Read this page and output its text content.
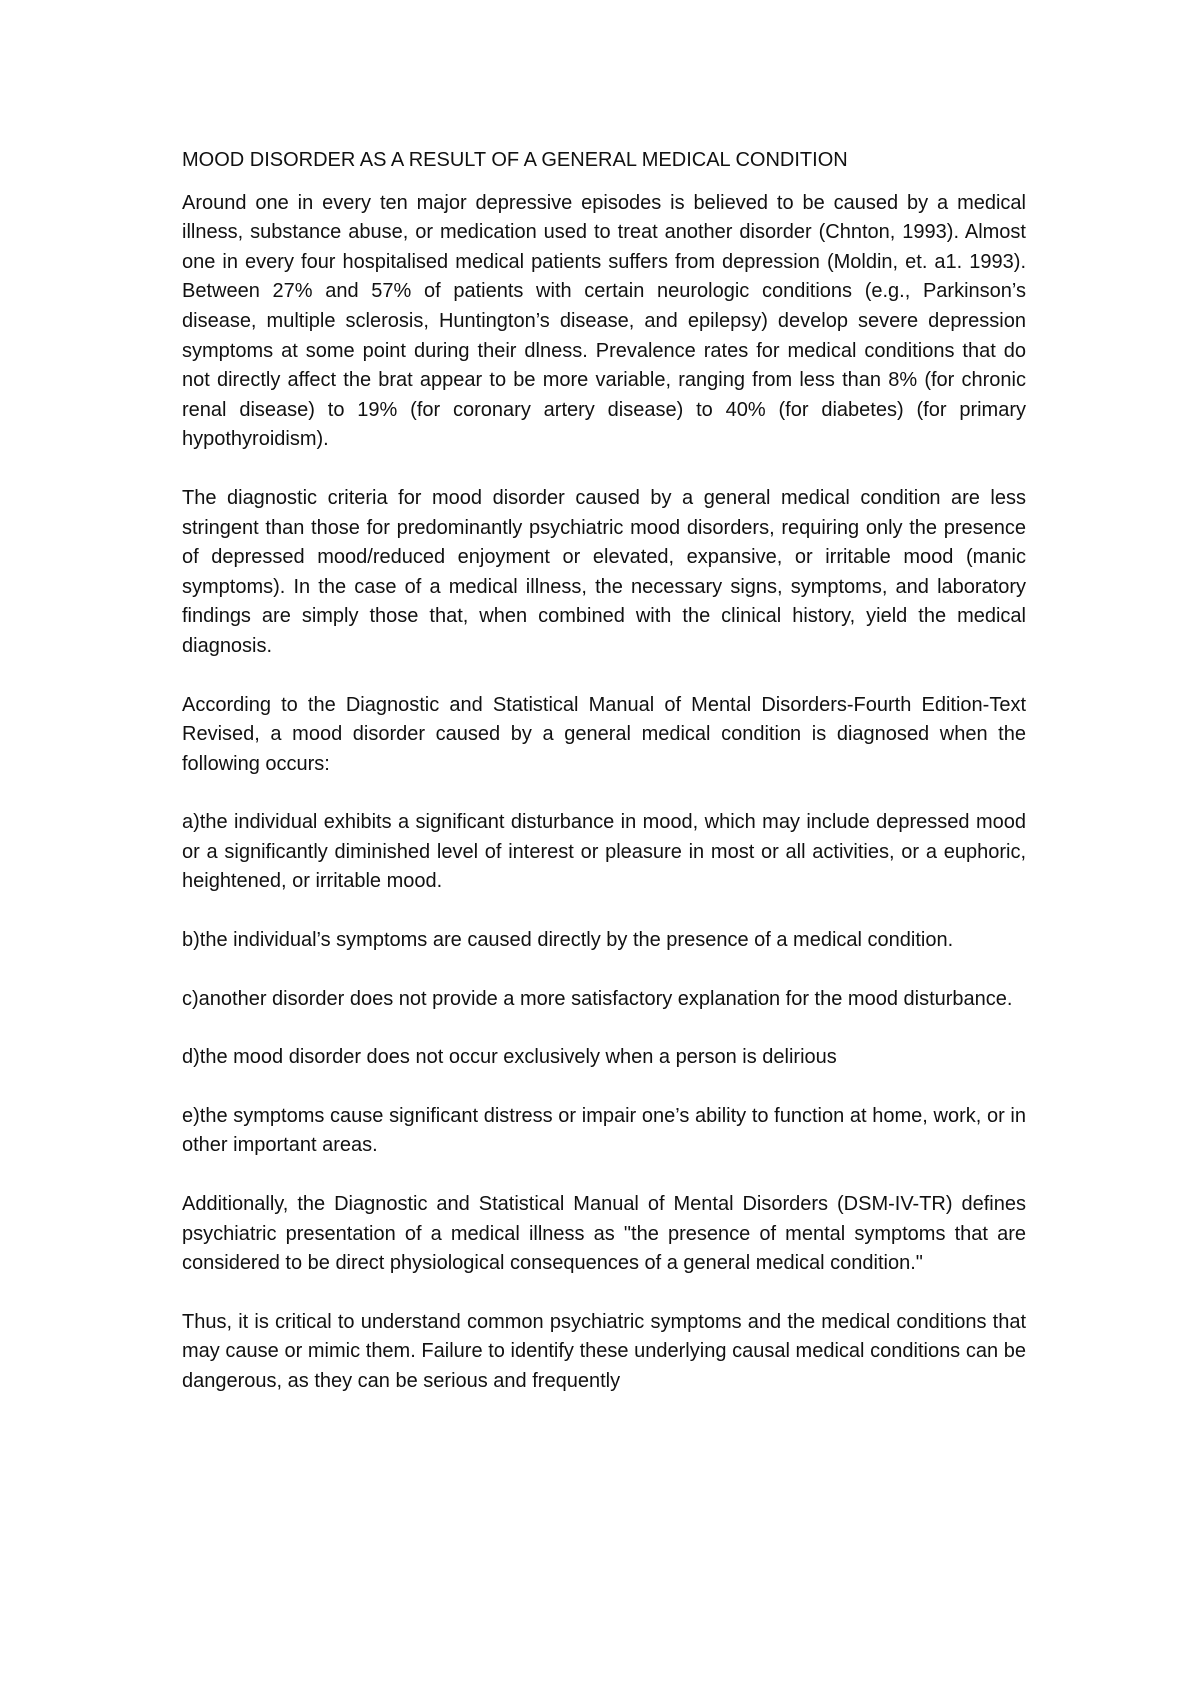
MOOD DISORDER AS A RESULT OF A GENERAL MEDICAL CONDITION

Around one in every ten major depressive episodes is believed to be caused by a medical illness, substance abuse, or medication used to treat another disorder (Chnton, 1993). Almost one in every four hospitalised medical patients suffers from depression (Moldin, et. a1. 1993). Between 27% and 57% of patients with certain neurologic conditions (e.g., Parkinson’s disease, multiple sclerosis, Huntington’s disease, and epilepsy) develop severe depression symptoms at some point during their dlness. Prevalence rates for medical conditions that do not directly affect the brat appear to be more variable, ranging from less than 8% (for chronic renal disease) to 19% (for coronary artery disease) to 40% (for diabetes) (for primary hypothyroidism).

The diagnostic criteria for mood disorder caused by a general medical condition are less stringent than those for predominantly psychiatric mood disorders, requiring only the presence of depressed mood/reduced enjoyment or elevated, expansive, or irritable mood (manic symptoms). In the case of a medical illness, the necessary signs, symptoms, and laboratory findings are simply those that, when combined with the clinical history, yield the medical diagnosis.

According to the Diagnostic and Statistical Manual of Mental Disorders-Fourth Edition-Text Revised, a mood disorder caused by a general medical condition is diagnosed when the following occurs:

a)the individual exhibits a significant disturbance in mood, which may include depressed mood or a significantly diminished level of interest or pleasure in most or all activities, or a euphoric, heightened, or irritable mood.

b)the individual’s symptoms are caused directly by the presence of a medical condition.

c)another disorder does not provide a more satisfactory explanation for the mood disturbance.

d)the mood disorder does not occur exclusively when a person is delirious

e)the symptoms cause significant distress or impair one’s ability to function at home, work, or in other important areas.

Additionally, the Diagnostic and Statistical Manual of Mental Disorders (DSM-IV-TR) defines psychiatric presentation of a medical illness as "the presence of mental symptoms that are considered to be direct physiological consequences of a general medical condition."

Thus, it is critical to understand common psychiatric symptoms and the medical conditions that may cause or mimic them. Failure to identify these underlying causal medical conditions can be dangerous, as they can be serious and frequently
